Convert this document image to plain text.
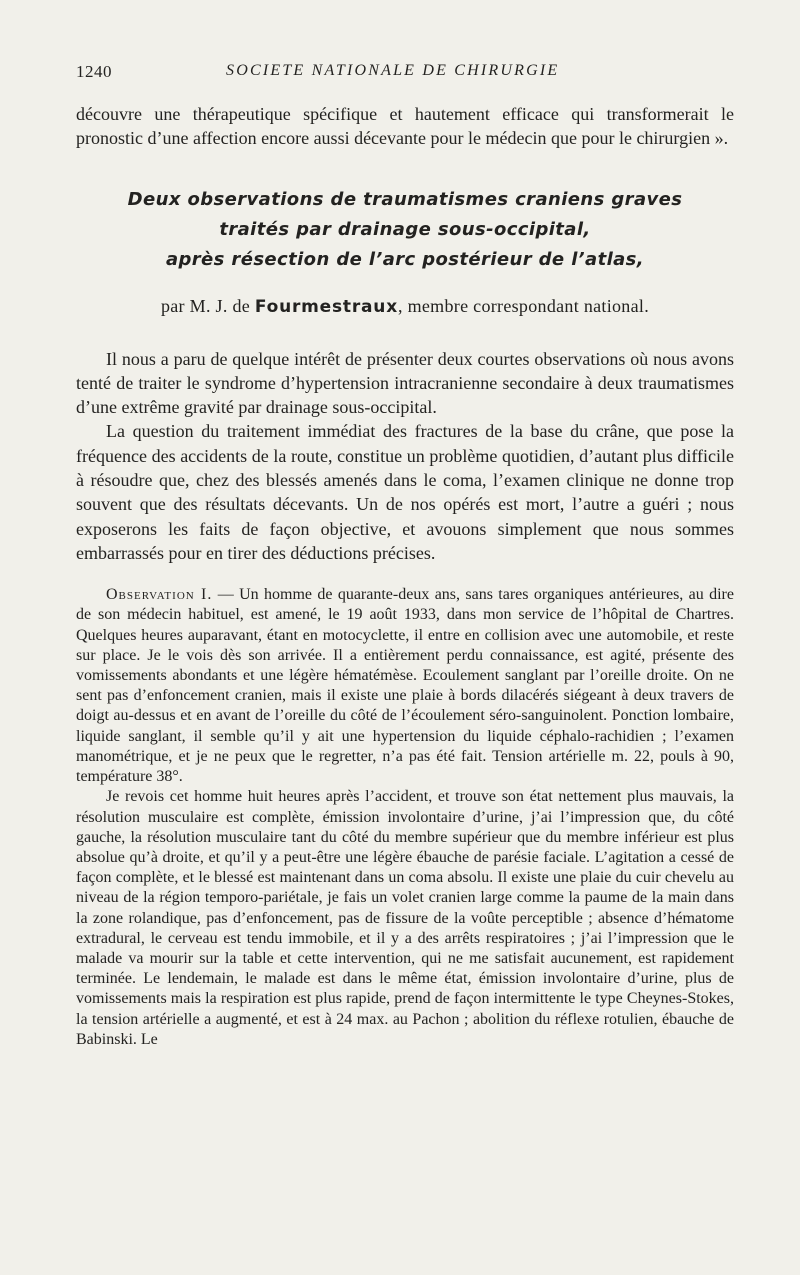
1240	SOCIETE NATIONALE DE CHIRURGIE

découvre une thérapeutique spécifique et hautement efficace qui transformerait le pronostic d’une affection encore aussi décevante pour le médecin que pour le chirurgien ».

Deux observations de traumatismes craniens graves
traités par drainage sous-occipital,
après résection de l’arc postérieur de l’atlas,
par M. J. de Fourmestraux, membre correspondant national.

Il nous a paru de quelque intérêt de présenter deux courtes observations où nous avons tenté de traiter le syndrome d’hypertension intracranienne secondaire à deux traumatismes d’une extrême gravité par drainage sous-occipital.

La question du traitement immédiat des fractures de la base du crâne, que pose la fréquence des accidents de la route, constitue un problème quotidien, d’autant plus difficile à résoudre que, chez des blessés amenés dans le coma, l’examen clinique ne donne trop souvent que des résultats décevants. Un de nos opérés est mort, l’autre a guéri ; nous exposerons les faits de façon objective, et avouons simplement que nous sommes embarrassés pour en tirer des déductions précises.

Observation I. — Un homme de quarante-deux ans, sans tares organiques antérieures, au dire de son médecin habituel, est amené, le 19 août 1933, dans mon service de l’hôpital de Chartres. Quelques heures auparavant, étant en motocyclette, il entre en collision avec une automobile, et reste sur place. Je le vois dès son arrivée. Il a entièrement perdu connaissance, est agité, présente des vomissements abondants et une légère hématémèse. Ecoulement sanglant par l’oreille droite. On ne sent pas d’enfoncement cranien, mais il existe une plaie à bords dilacérés siégeant à deux travers de doigt au-dessus et en avant de l’oreille du côté de l’écoulement séro-sanguinolent. Ponction lombaire, liquide sanglant, il semble qu’il y ait une hypertension du liquide céphalo-rachidien ; l’examen manométrique, et je ne peux que le regretter, n’a pas été fait. Tension artérielle m. 22, pouls à 90, température 38°.

Je revois cet homme huit heures après l’accident, et trouve son état nettement plus mauvais, la résolution musculaire est complète, émission involontaire d’urine, j’ai l’impression que, du côté gauche, la résolution musculaire tant du côté du membre supérieur que du membre inférieur est plus absolue qu’à droite, et qu’il y a peut-être une légère ébauche de parésie faciale. L’agitation a cessé de façon complète, et le blessé est maintenant dans un coma absolu. Il existe une plaie du cuir chevelu au niveau de la région temporo-pariétale, je fais un volet cranien large comme la paume de la main dans la zone rolandique, pas d’enfoncement, pas de fissure de la voûte perceptible ; absence d’hématome extradural, le cerveau est tendu immobile, et il y a des arrêts respiratoires ; j’ai l’impression que le malade va mourir sur la table et cette intervention, qui ne me satisfait aucunement, est rapidement terminée. Le lendemain, le malade est dans le même état, émission involontaire d’urine, plus de vomissements mais la respiration est plus rapide, prend de façon intermittente le type Cheynes-Stokes, la tension artérielle a augmenté, et est à 24 max. au Pachon ; abolition du réflexe rotulien, ébauche de Babinski. Le
